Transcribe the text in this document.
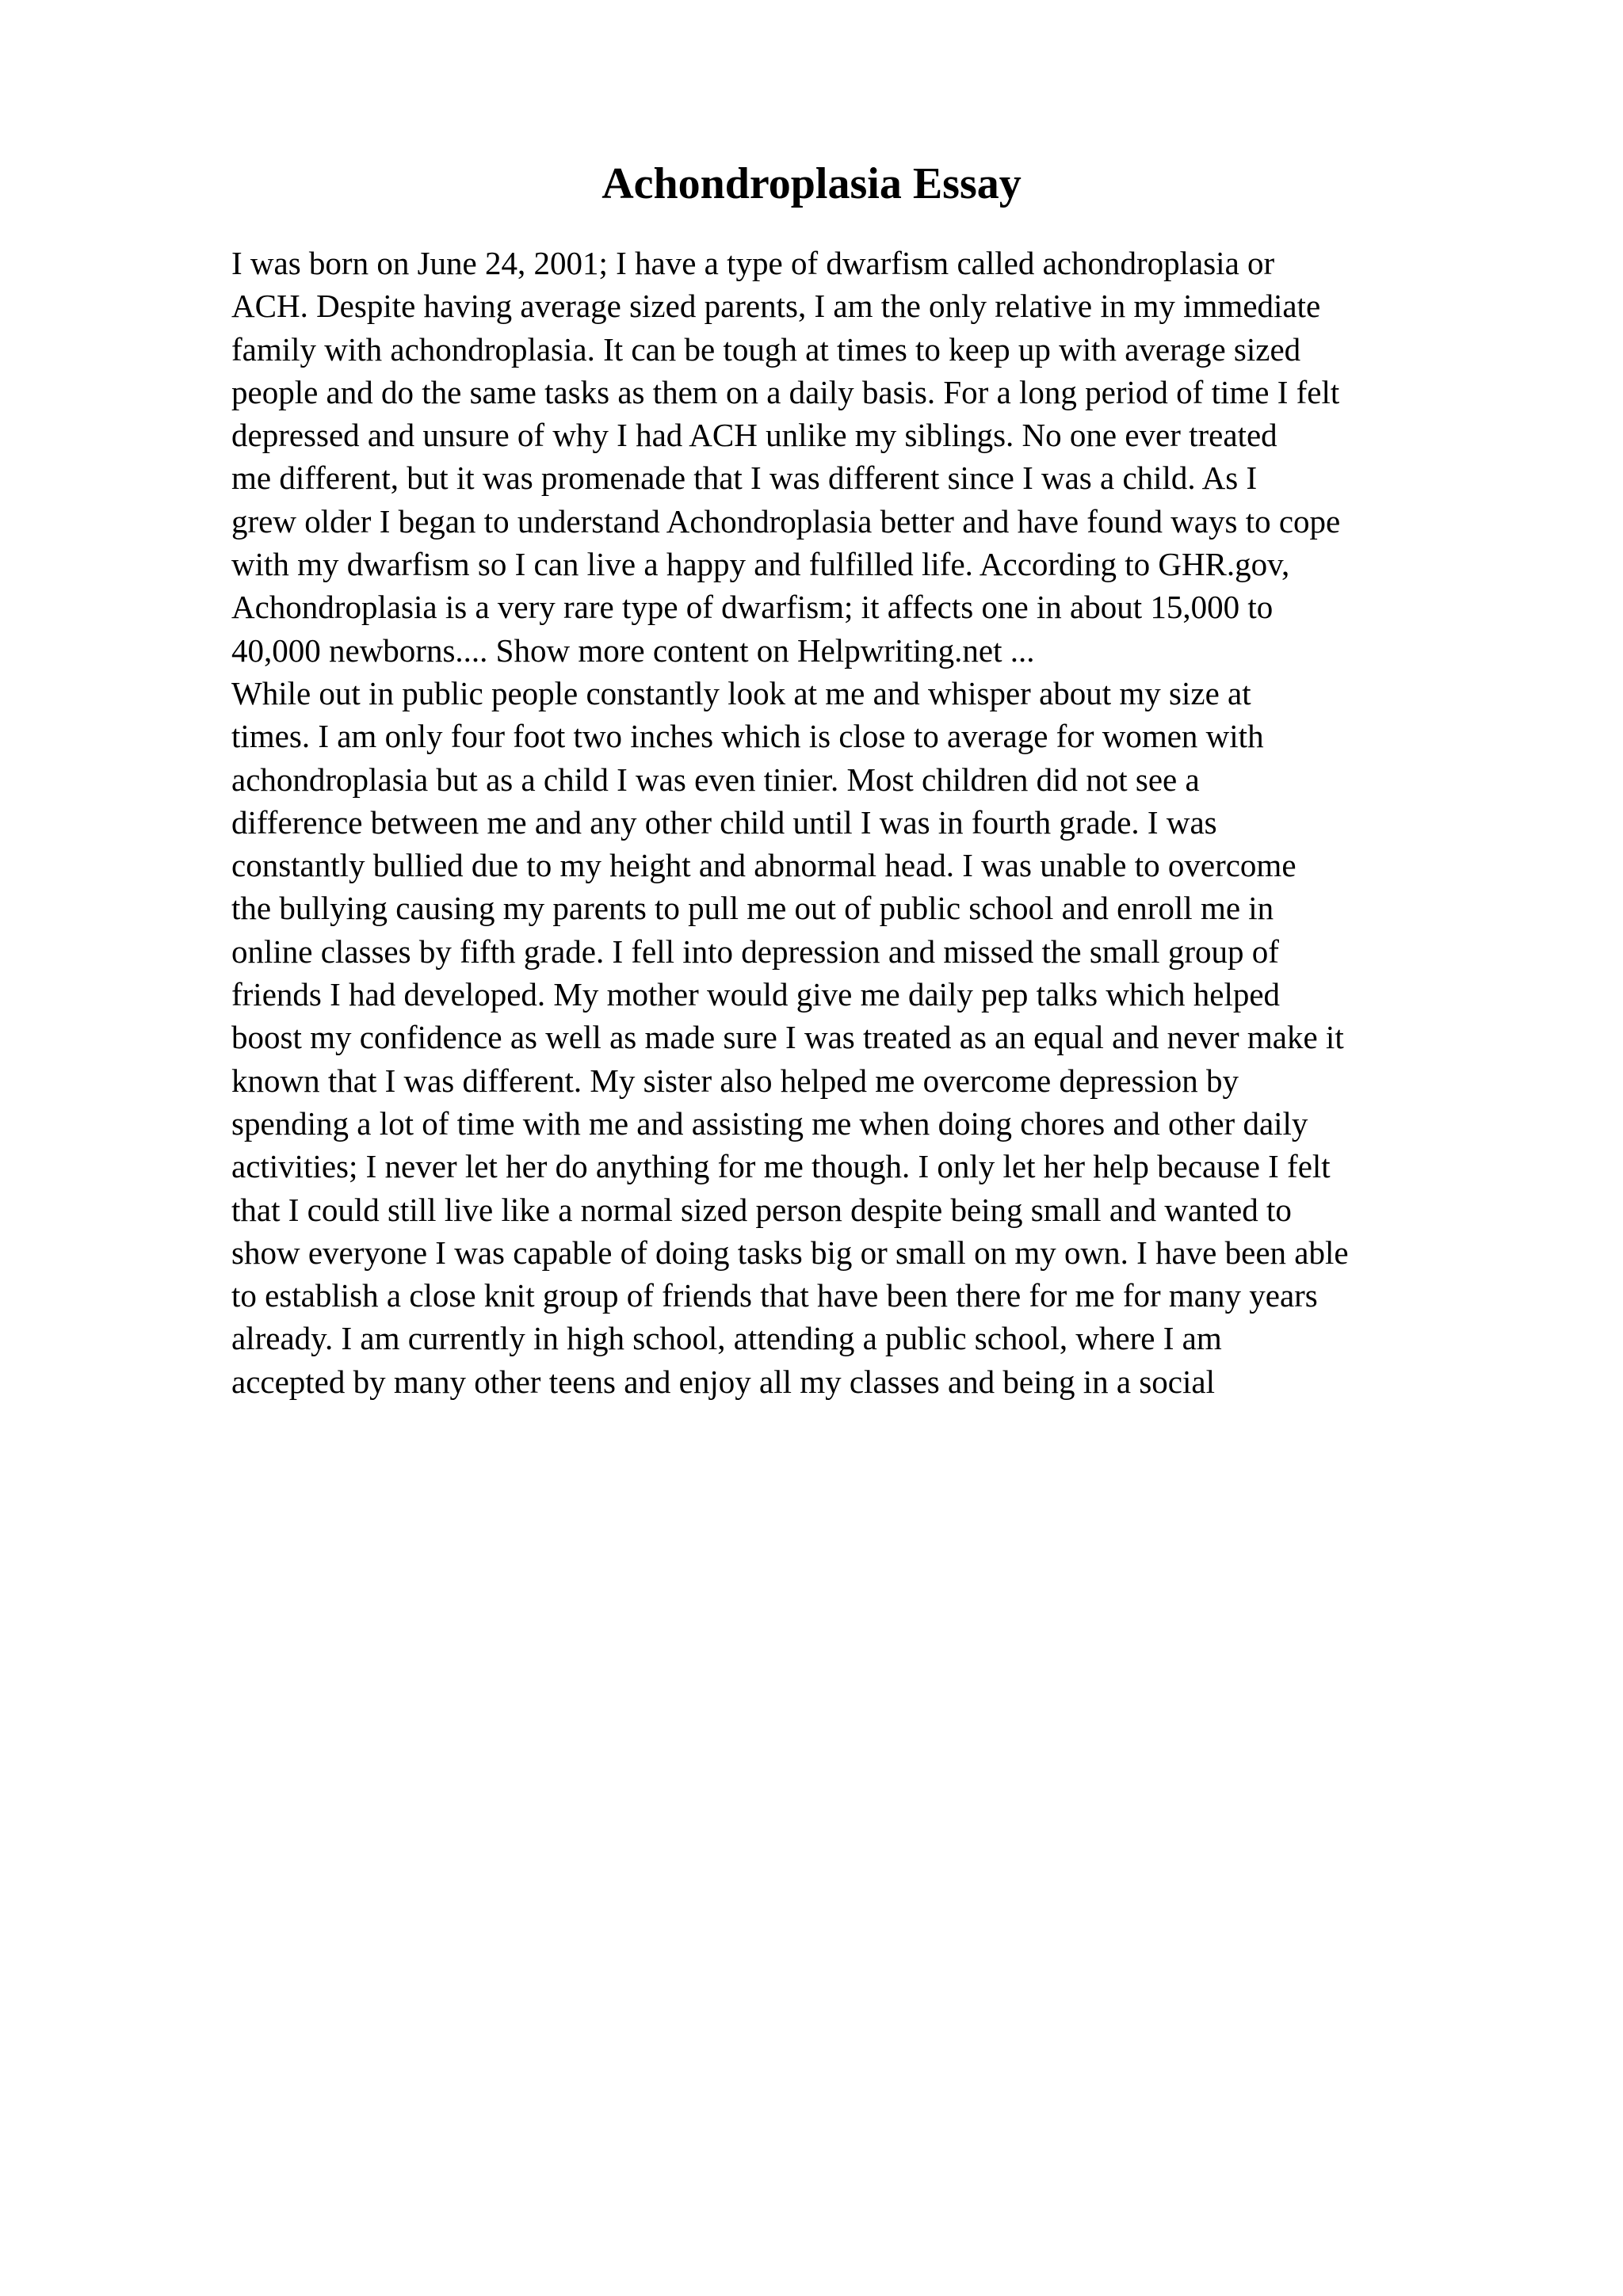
Achondroplasia Essay
I was born on June 24, 2001; I have a type of dwarfism called achondroplasia or
ACH. Despite having average sized parents, I am the only relative in my immediate
family with achondroplasia. It can be tough at times to keep up with average sized
people and do the same tasks as them on a daily basis. For a long period of time I felt
depressed and unsure of why I had ACH unlike my siblings. No one ever treated
me different, but it was promenade that I was different since I was a child. As I
grew older I began to understand Achondroplasia better and have found ways to cope
with my dwarfism so I can live a happy and fulfilled life. According to GHR.gov,
Achondroplasia is a very rare type of dwarfism; it affects one in about 15,000 to
40,000 newborns.... Show more content on Helpwriting.net ...
While out in public people constantly look at me and whisper about my size at
times. I am only four foot two inches which is close to average for women with
achondroplasia but as a child I was even tinier. Most children did not see a
difference between me and any other child until I was in fourth grade. I was
constantly bullied due to my height and abnormal head. I was unable to overcome
the bullying causing my parents to pull me out of public school and enroll me in
online classes by fifth grade. I fell into depression and missed the small group of
friends I had developed. My mother would give me daily pep talks which helped
boost my confidence as well as made sure I was treated as an equal and never make it
known that I was different. My sister also helped me overcome depression by
spending a lot of time with me and assisting me when doing chores and other daily
activities; I never let her do anything for me though. I only let her help because I felt
that I could still live like a normal sized person despite being small and wanted to
show everyone I was capable of doing tasks big or small on my own. I have been able
to establish a close knit group of friends that have been there for me for many years
already. I am currently in high school, attending a public school, where I am
accepted by many other teens and enjoy all my classes and being in a social
